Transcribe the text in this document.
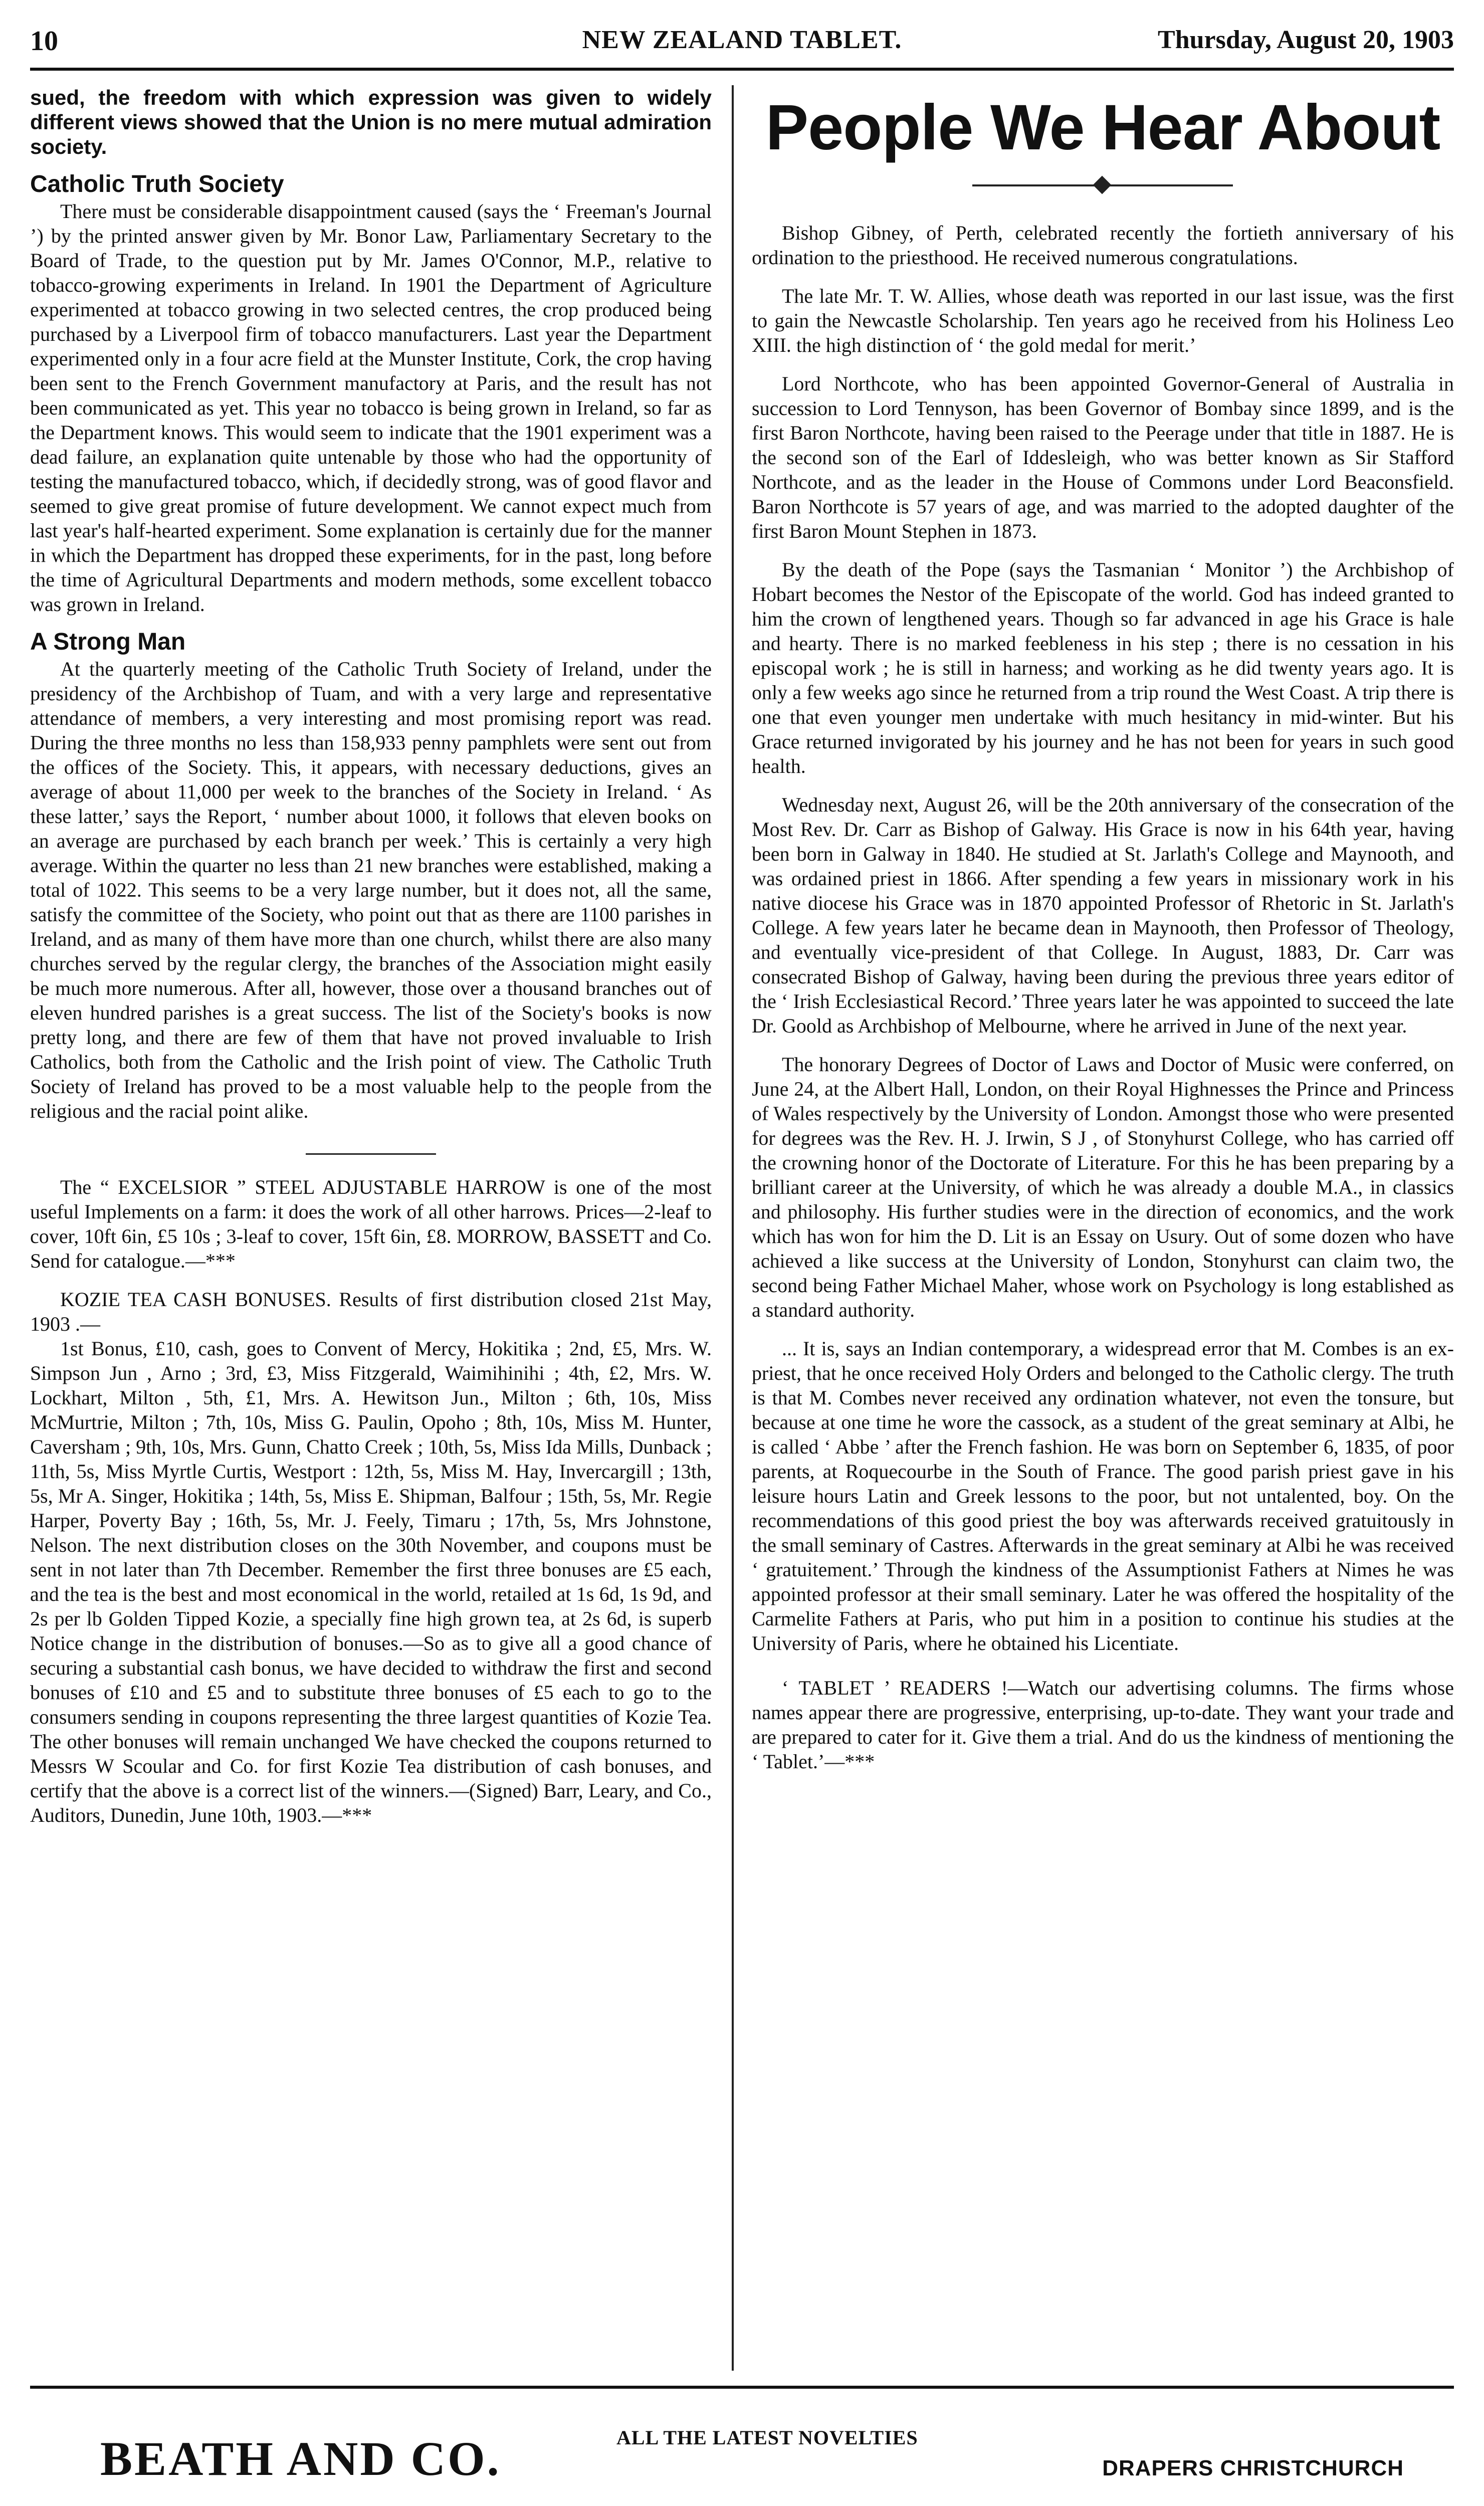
10	NEW ZEALAND TABLET.	Thursday, August 20, 1903

sued, the freedom with which expression was given to widely different views showed that the Union is no mere mutual admiration society.

Catholic Truth Society

There must be considerable disappointment caused (says the ‘ Freeman's Journal ’) by the printed answer given by Mr. Bonor Law, Parliamentary Secretary to the Board of Trade, to the question put by Mr. James O'Connor, M.P., relative to tobacco-growing experiments in Ireland. In 1901 the Department of Agriculture experimented at tobacco growing in two selected centres, the crop produced being purchased by a Liverpool firm of tobacco manufacturers. Last year the Department experimented only in a four acre field at the Munster Institute, Cork, the crop having been sent to the French Government manufactory at Paris, and the result has not been communicated as yet. This year no tobacco is being grown in Ireland, so far as the Department knows. This would seem to indicate that the 1901 experiment was a dead failure, an explanation quite untenable by those who had the opportunity of testing the manufactured tobacco, which, if decidedly strong, was of good flavor and seemed to give great promise of future development. We cannot expect much from last year's half-hearted experiment. Some explanation is certainly due for the manner in which the Department has dropped these experiments, for in the past, long before the time of Agricultural Departments and modern methods, some excellent tobacco was grown in Ireland.

A Strong Man

At the quarterly meeting of the Catholic Truth Society of Ireland, under the presidency of the Archbishop of Tuam, and with a very large and representative attendance of members, a very interesting and most promising report was read. During the three months no less than 158,933 penny pamphlets were sent out from the offices of the Society. This, it appears, with necessary deductions, gives an average of about 11,000 per week to the branches of the Society in Ireland. ‘ As these latter,’ says the Report, ‘ number about 1000, it follows that eleven books on an average are purchased by each branch per week.’ This is certainly a very high average. Within the quarter no less than 21 new branches were established, making a total of 1022. This seems to be a very large number, but it does not, all the same, satisfy the committee of the Society, who point out that as there are 1100 parishes in Ireland, and as many of them have more than one church, whilst there are also many churches served by the regular clergy, the branches of the Association might easily be much more numerous. After all, however, those over a thousand branches out of eleven hundred parishes is a great success. The list of the Society's books is now pretty long, and there are few of them that have not proved invaluable to Irish Catholics, both from the Catholic and the Irish point of view. The Catholic Truth Society of Ireland has proved to be a most valuable help to the people from the religious and the racial point alike.

The “ EXCELSIOR ” STEEL ADJUSTABLE HARROW is one of the most useful Implements on a farm: it does the work of all other harrows. Prices—2-leaf to cover, 10ft 6in, £5 10s ; 3-leaf to cover, 15ft 6in, £8. MORROW, BASSETT and Co. Send for catalogue.—***

KOZIE TEA CASH BONUSES. Results of first distribution closed 21st May, 1903 .—

1st Bonus, £10, cash, goes to Convent of Mercy, Hokitika ; 2nd, £5, Mrs. W. Simpson Jun , Arno ; 3rd, £3, Miss Fitzgerald, Waimihinihi ; 4th, £2, Mrs. W. Lockhart, Milton , 5th, £1, Mrs. A. Hewitson Jun., Milton ; 6th, 10s, Miss McMurtrie, Milton ; 7th, 10s, Miss G. Paulin, Opoho ; 8th, 10s, Miss M. Hunter, Caversham ; 9th, 10s, Mrs. Gunn, Chatto Creek ; 10th, 5s, Miss Ida Mills, Dunback ; 11th, 5s, Miss Myrtle Curtis, Westport : 12th, 5s, Miss M. Hay, Invercargill ; 13th, 5s, Mr A. Singer, Hokitika ; 14th, 5s, Miss E. Shipman, Balfour ; 15th, 5s, Mr. Regie Harper, Poverty Bay ; 16th, 5s, Mr. J. Feely, Timaru ; 17th, 5s, Mrs Johnstone, Nelson. The next distribution closes on the 30th November, and coupons must be sent in not later than 7th December. Remember the first three bonuses are £5 each, and the tea is the best and most economical in the world, retailed at 1s 6d, 1s 9d, and 2s per lb Golden Tipped Kozie, a specially fine high grown tea, at 2s 6d, is superb Notice change in the distribution of bonuses.—So as to give all a good chance of securing a substantial cash bonus, we have decided to withdraw the first and second bonuses of £10 and £5 and to substitute three bonuses of £5 each to go to the consumers sending in coupons representing the three largest quantities of Kozie Tea. The other bonuses will remain unchanged We have checked the coupons returned to Messrs W Scoular and Co. for first Kozie Tea distribution of cash bonuses, and certify that the above is a correct list of the winners.—(Signed) Barr, Leary, and Co., Auditors, Dunedin, June 10th, 1903.—***

People We Hear About

Bishop Gibney, of Perth, celebrated recently the fortieth anniversary of his ordination to the priesthood. He received numerous congratulations.

The late Mr. T. W. Allies, whose death was reported in our last issue, was the first to gain the Newcastle Scholarship. Ten years ago he received from his Holiness Leo XIII. the high distinction of ‘ the gold medal for merit.’

Lord Northcote, who has been appointed Governor-General of Australia in succession to Lord Tennyson, has been Governor of Bombay since 1899, and is the first Baron Northcote, having been raised to the Peerage under that title in 1887. He is the second son of the Earl of Iddesleigh, who was better known as Sir Stafford Northcote, and as the leader in the House of Commons under Lord Beaconsfield. Baron Northcote is 57 years of age, and was married to the adopted daughter of the first Baron Mount Stephen in 1873.

By the death of the Pope (says the Tasmanian ‘ Monitor ’) the Archbishop of Hobart becomes the Nestor of the Episcopate of the world. God has indeed granted to him the crown of lengthened years. Though so far advanced in age his Grace is hale and hearty. There is no marked feebleness in his step ; there is no cessation in his episcopal work ; he is still in harness; and working as he did twenty years ago. It is only a few weeks ago since he returned from a trip round the West Coast. A trip there is one that even younger men undertake with much hesitancy in mid-winter. But his Grace returned invigorated by his journey and he has not been for years in such good health.

Wednesday next, August 26, will be the 20th anniversary of the consecration of the Most Rev. Dr. Carr as Bishop of Galway. His Grace is now in his 64th year, having been born in Galway in 1840. He studied at St. Jarlath's College and Maynooth, and was ordained priest in 1866. After spending a few years in missionary work in his native diocese his Grace was in 1870 appointed Professor of Rhetoric in St. Jarlath's College. A few years later he became dean in Maynooth, then Professor of Theology, and eventually vice-president of that College. In August, 1883, Dr. Carr was consecrated Bishop of Galway, having been during the previous three years editor of the ‘ Irish Ecclesiastical Record.’ Three years later he was appointed to succeed the late Dr. Goold as Archbishop of Melbourne, where he arrived in June of the next year.

The honorary Degrees of Doctor of Laws and Doctor of Music were conferred, on June 24, at the Albert Hall, London, on their Royal Highnesses the Prince and Princess of Wales respectively by the University of London. Amongst those who were presented for degrees was the Rev. H. J. Irwin, S J , of Stonyhurst College, who has carried off the crowning honor of the Doctorate of Literature. For this he has been preparing by a brilliant career at the University, of which he was already a double M.A., in classics and philosophy. His further studies were in the direction of economics, and the work which has won for him the D. Lit is an Essay on Usury. Out of some dozen who have achieved a like success at the University of London, Stonyhurst can claim two, the second being Father Michael Maher, whose work on Psychology is long established as a standard authority.

... It is, says an Indian contemporary, a widespread error that M. Combes is an ex-priest, that he once received Holy Orders and belonged to the Catholic clergy. The truth is that M. Combes never received any ordination whatever, not even the tonsure, but because at one time he wore the cassock, as a student of the great seminary at Albi, he is called ‘ Abbe ’ after the French fashion. He was born on September 6, 1835, of poor parents, at Roquecourbe in the South of France. The good parish priest gave in his leisure hours Latin and Greek lessons to the poor, but not untalented, boy. On the recommendations of this good priest the boy was afterwards received gratuitously in the small seminary of Castres. Afterwards in the great seminary at Albi he was received ‘ gratuitement.’ Through the kindness of the Assumptionist Fathers at Nimes he was appointed professor at their small seminary. Later he was offered the hospitality of the Carmelite Fathers at Paris, who put him in a position to continue his studies at the University of Paris, where he obtained his Licentiate.

‘ TABLET ’ READERS !—Watch our advertising columns. The firms whose names appear there are progressive, enterprising, up-to-date. They want your trade and are prepared to cater for it. Give them a trial. And do us the kindness of mentioning the ‘ Tablet.’—***

BEATH AND CO.	ALL THE LATEST NOVELTIES
DRAPERS CHRISTCHURCH
